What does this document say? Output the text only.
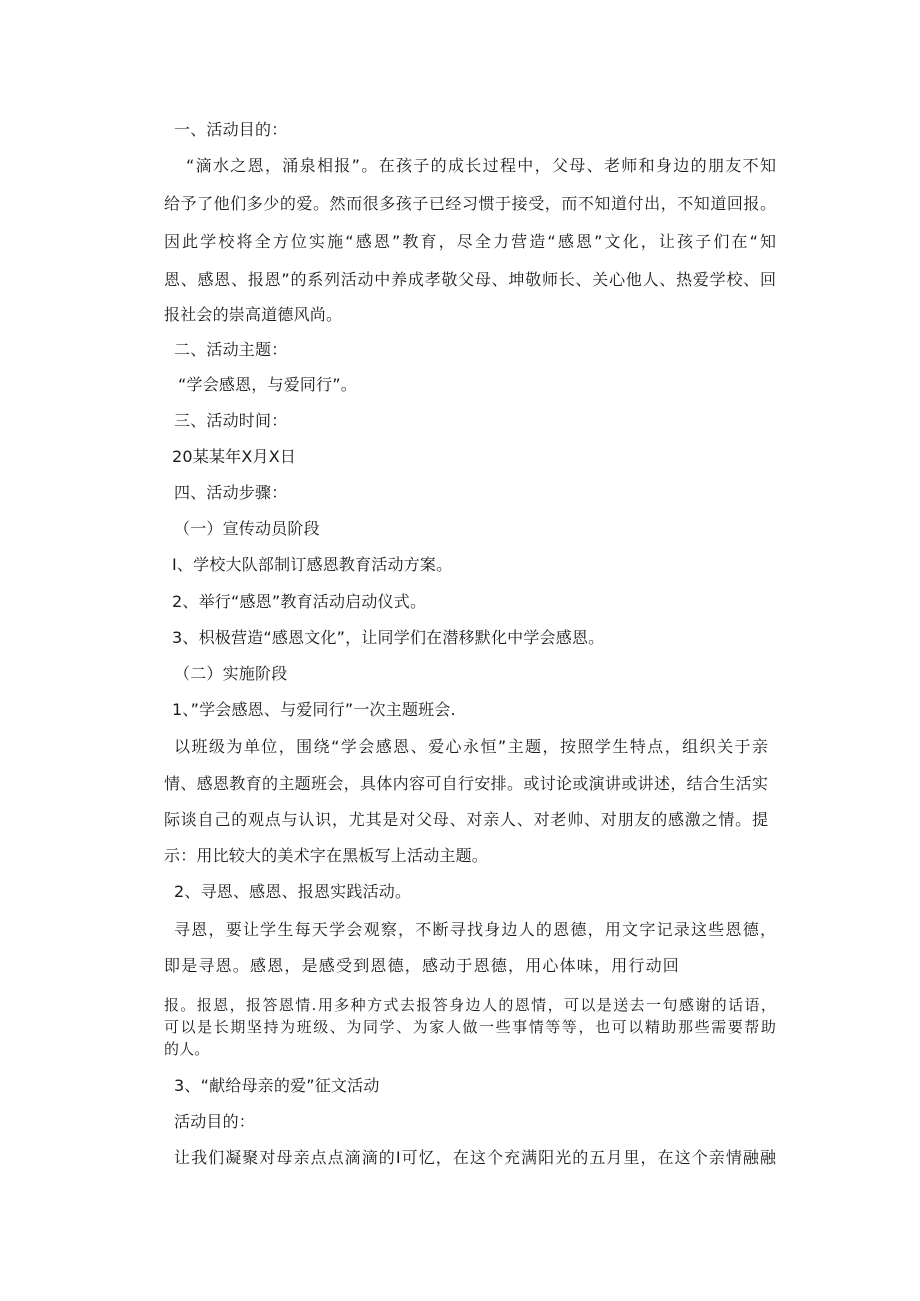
一、活动目的：
“滴水之恩，涌泉相报”。在孩子的成长过程中，父母、老师和身边的朋友不知
给予了他们多少的爱。然而很多孩子已经习惯于接受，而不知道付出，不知道回报。
因此学校将全方位实施“感恩”教育，尽全力营造“感恩”文化，让孩子们在“知
恩、感恩、报恩”的系列活动中养成孝敬父母、坤敬师长、关心他人、热爱学校、回
报社会的崇高道德风尚。
二、活动主题：
“学会感恩，与爱同行”。
三、活动时间：
20某某年X月X日
四、活动步骤：
（一）宣传动员阶段
I、学校大队部制订感恩教育活动方案。
2、举行“感恩”教育活动启动仪式。
3、枳极营造“感恩文化”，让同学们在潜移默化中学会感恩。
（二）实施阶段
1、”学会感恩、与爱同行”一次主题班会.
以班级为单位，围绕“学会感恩、爱心永恒”主题，按照学生特点，组织关于亲
情、感恩教育的主题班会，具体内容可自行安排。或讨论或演讲或讲述，结合生活实
际谈自己的观点与认识，尤其是对父母、对亲人、对老帅、对朋友的感激之情。提
示：用比较大的美术字在黑板写上活动主题。
2、寻恩、感恩、报恩实践活动。
寻恩，要让学生每天学会观察，不断寻找身边人的恩德，用文字记录这些恩德，
即是寻恩。感恩，是感受到恩德，感动于恩德，用心体味，用行动回
报。报恩，报答恩情.用多种方式去报答身边人的恩情，可以是送去一句感谢的话语，
可以是长期坚持为班级、为同学、为家人做一些事情等等，也可以精助那些需要帮助
的人。
3、“献给母亲的爱”征文活动
活动目的：
让我们凝聚对母亲点点滴滴的I可忆，在这个充满阳光的五月里，在这个亲情融融
